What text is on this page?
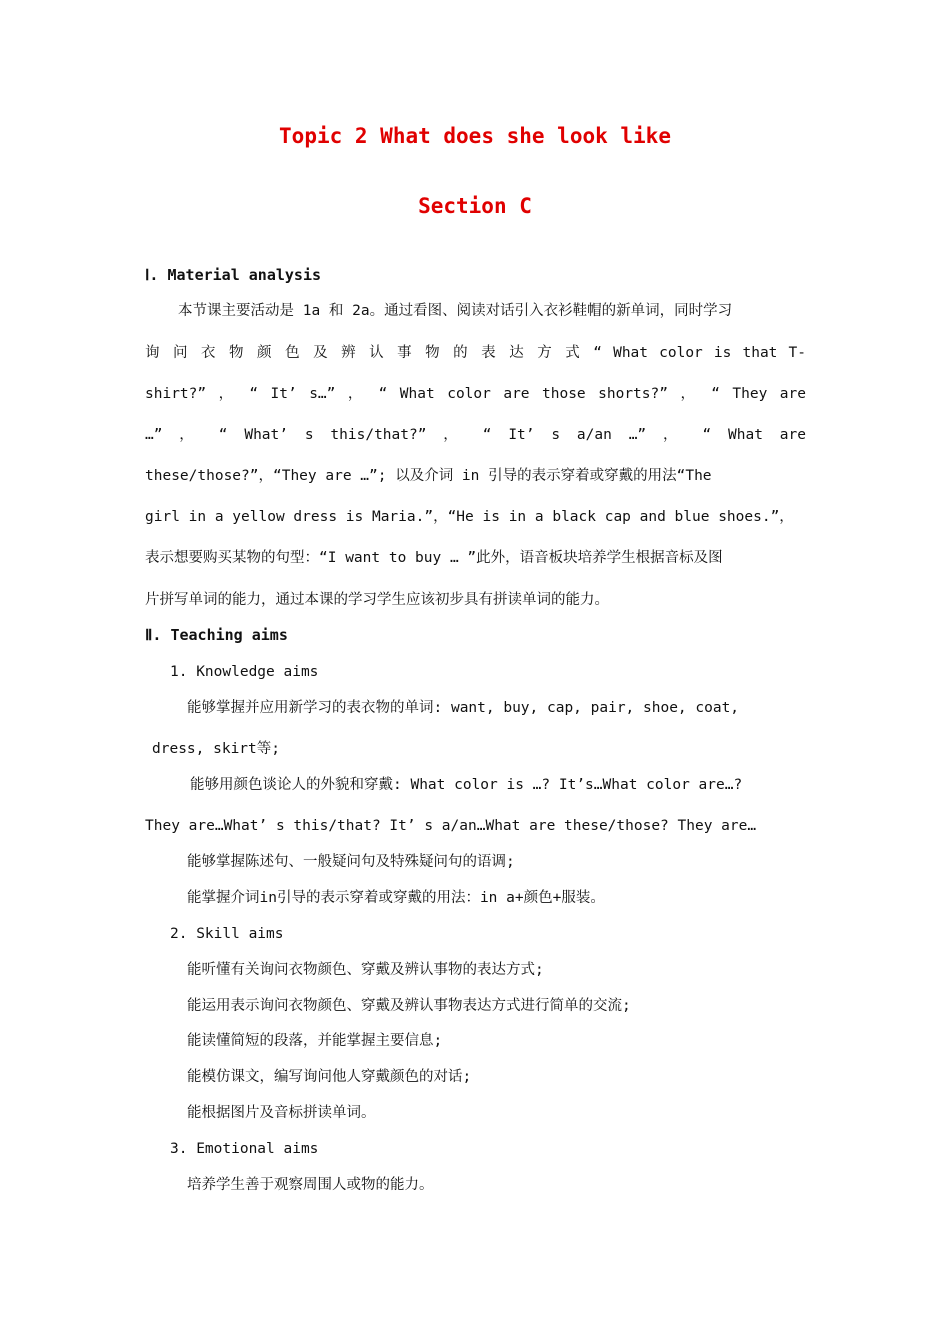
Topic 2 What does she look like
Section C
Ⅰ. Material analysis
本节课主要活动是 1a 和 2a。通过看图、阅读对话引入衣衫鞋帽的新单词，同时学习
询 问 衣 物 颜 色 及 辨 认 事 物 的 表 达 方 式 “ What color is that T-
shirt?” ， “ It’ s…” ， “ What color are those shorts?” ， “ They are
…” ， “ What’ s this/that?” ， “ It’ s a/an …” ， “ What are
these/those?”，“They are …”; 以及介词 in 引导的表示穿着或穿戴的用法“The
girl in a yellow dress is Maria.”，“He is in a black cap and blue shoes.”，
表示想要购买某物的句型：“I want to buy … ”此外，语音板块培养学生根据音标及图
片拼写单词的能力，通过本课的学习学生应该初步具有拼读单词的能力。
Ⅱ. Teaching aims
1. Knowledge aims
能够掌握并应用新学习的表衣物的单词: want, buy, cap, pair, shoe, coat,
dress, skirt等;
能够用颜色谈论人的外貌和穿戴: What color is …? It’s…What color are…?
They are…What’ s this/that? It’ s a/an…What are these/those? They are…
能够掌握陈述句、一般疑问句及特殊疑问句的语调;
能掌握介词in引导的表示穿着或穿戴的用法：in a+颜色+服装。
2. Skill aims
能听懂有关询问衣物颜色、穿戴及辨认事物的表达方式;
能运用表示询问衣物颜色、穿戴及辨认事物表达方式进行简单的交流;
能读懂简短的段落，并能掌握主要信息;
能模仿课文，编写询问他人穿戴颜色的对话;
能根据图片及音标拼读单词。
3. Emotional aims
培养学生善于观察周围人或物的能力。
